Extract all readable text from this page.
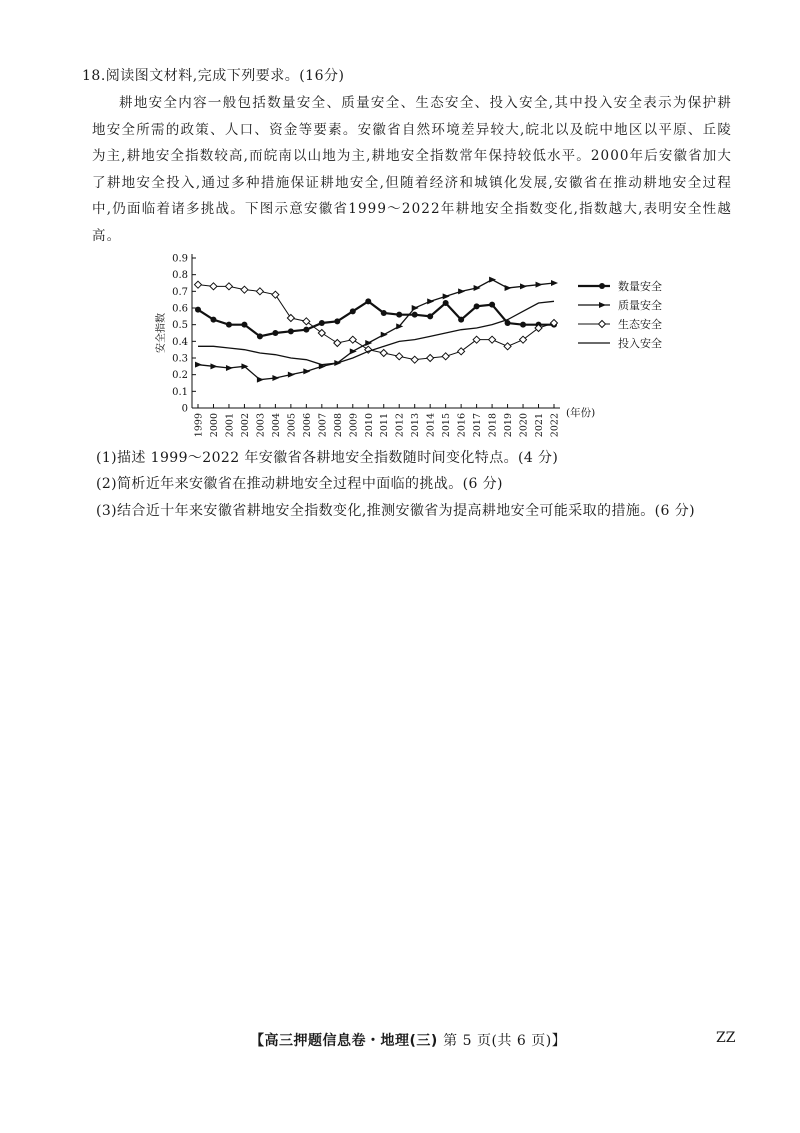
18.阅读图文材料,完成下列要求。(16分)
耕地安全内容一般包括数量安全、质量安全、生态安全、投入安全,其中投入安全表示为保护耕地安全所需的政策、人口、资金等要素。安徽省自然环境差异较大,皖北以及皖中地区以平原、丘陵为主,耕地安全指数较高,而皖南以山地为主,耕地安全指数常年保持较低水平。2000年后安徽省加大了耕地安全投入,通过多种措施保证耕地安全,但随着经济和城镇化发展,安徽省在推动耕地安全过程中,仍面临着诸多挑战。下图示意安徽省1999～2022年耕地安全指数变化,指数越大,表明安全性越高。
0
0.1
0.2
0.3
0.4
0.5
0.6
0.7
0.8
0.9
安全指数
1999 2000 2001 2002 2003 2004 2005 2006 2007 2008 2009 2010 2011 2012 2013 2014 2015 2016 2017 2018 2019 2020 2021 2022 (年份)
数量安全
质量安全
生态安全
投入安全
(1)描述 1999～2022 年安徽省各耕地安全指数随时间变化特点。(4 分)
(2)简析近年来安徽省在推动耕地安全过程中面临的挑战。(6 分)
(3)结合近十年来安徽省耕地安全指数变化,推测安徽省为提高耕地安全可能采取的措施。(6 分)
【高三押题信息卷・地理(三) 第 5 页(共 6 页)】	ZZ
